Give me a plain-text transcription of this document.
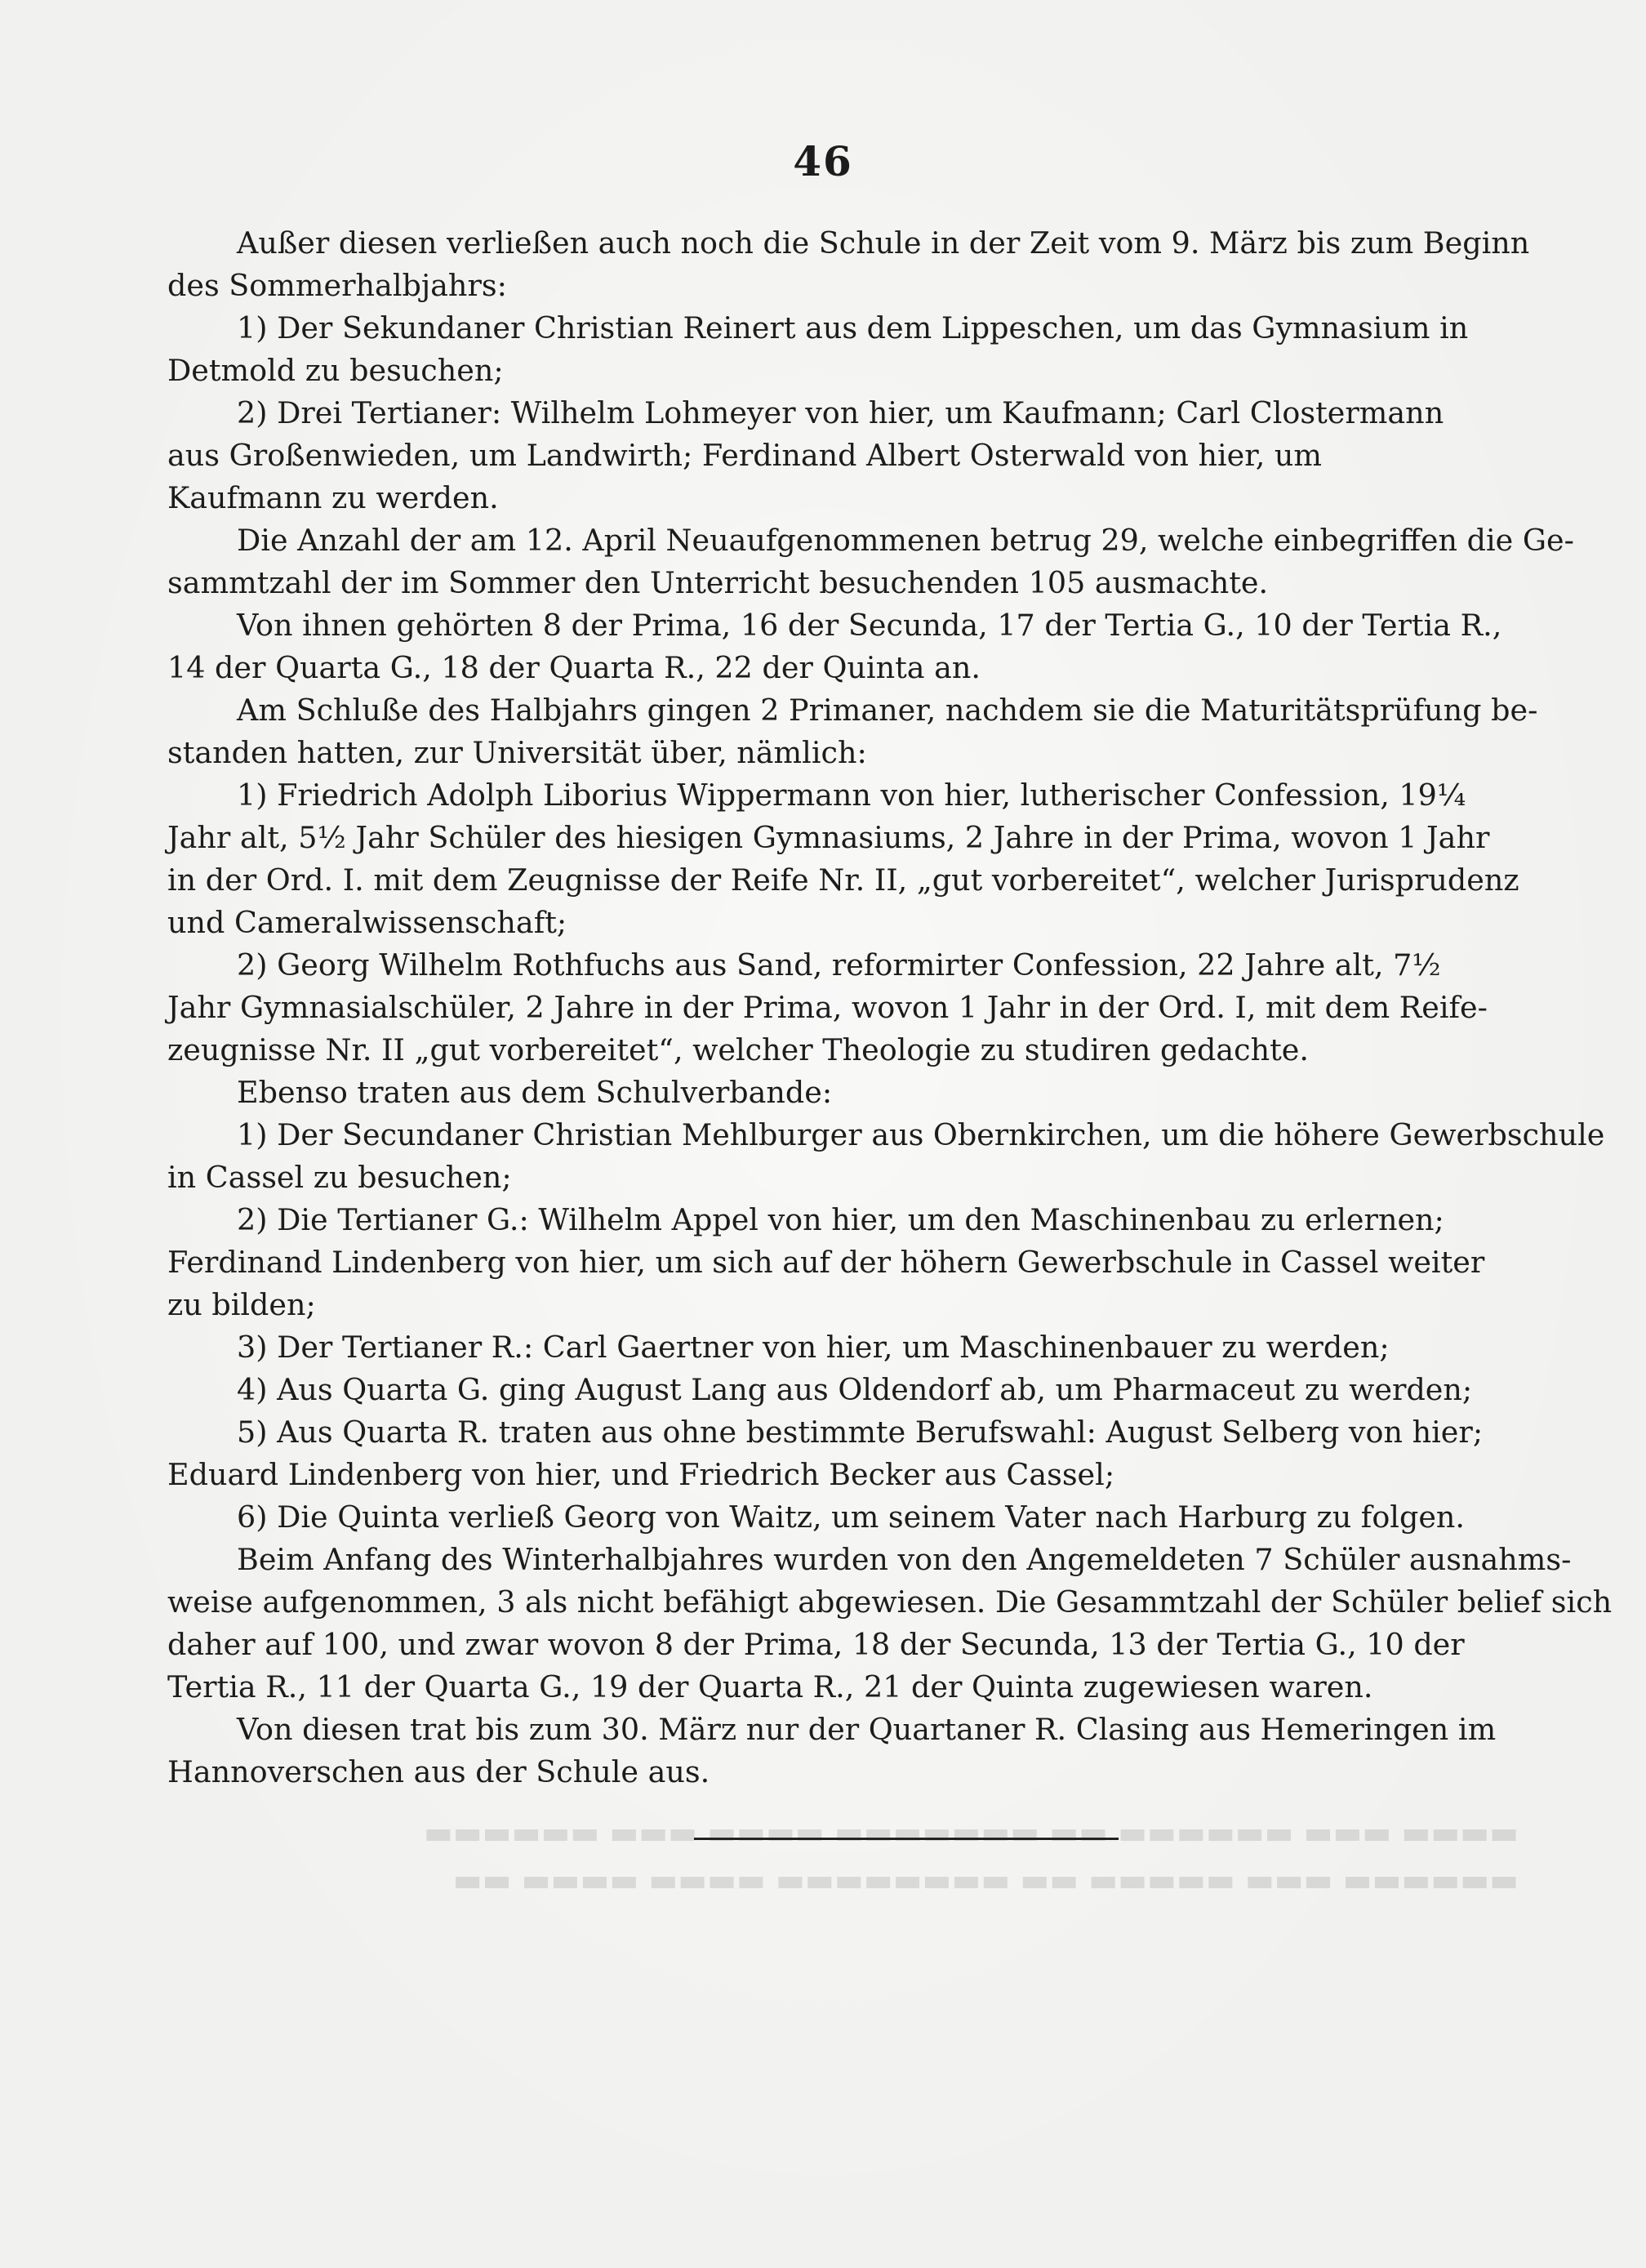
▬▬▬▬ ▬▬▬ ▬▬▬▬▬▬ ▬▬ ▬▬▬▬▬▬▬ ▬▬▬▬ ▬▬▬ ▬▬▬▬▬▬
▬▬▬▬▬▬ ▬▬▬ ▬▬▬▬▬ ▬▬ ▬▬▬▬▬▬▬▬ ▬▬▬▬ ▬▬▬▬ ▬▬
46
Außer diesen verließen auch noch die Schule in der Zeit vom 9. März bis zum Beginn
des Sommerhalbjahrs:
1) Der Sekundaner Christian Reinert aus dem Lippeschen, um das Gymnasium in
Detmold zu besuchen;
2) Drei Tertianer: Wilhelm Lohmeyer von hier, um Kaufmann; Carl Clostermann
aus Großenwieden, um Landwirth; Ferdinand Albert Osterwald von hier, um
Kaufmann zu werden.
Die Anzahl der am 12. April Neuaufgenommenen betrug 29, welche einbegriffen die Ge-
sammtzahl der im Sommer den Unterricht besuchenden 105 ausmachte.
Von ihnen gehörten 8 der Prima, 16 der Secunda, 17 der Tertia G., 10 der Tertia R.,
14 der Quarta G., 18 der Quarta R., 22 der Quinta an.
Am Schluße des Halbjahrs gingen 2 Primaner, nachdem sie die Maturitätsprüfung be-
standen hatten, zur Universität über, nämlich:
1) Friedrich Adolph Liborius Wippermann von hier, lutherischer Confession, 19¼
Jahr alt, 5½ Jahr Schüler des hiesigen Gymnasiums, 2 Jahre in der Prima, wovon 1 Jahr
in der Ord. I. mit dem Zeugnisse der Reife Nr. II, „gut vorbereitet“, welcher Jurisprudenz
und Cameralwissenschaft;
2) Georg Wilhelm Rothfuchs aus Sand, reformirter Confession, 22 Jahre alt, 7½
Jahr Gymnasialschüler, 2 Jahre in der Prima, wovon 1 Jahr in der Ord. I, mit dem Reife-
zeugnisse Nr. II „gut vorbereitet“, welcher Theologie zu studiren gedachte.
Ebenso traten aus dem Schulverbande:
1) Der Secundaner Christian Mehlburger aus Obernkirchen, um die höhere Gewerbschule
in Cassel zu besuchen;
2) Die Tertianer G.: Wilhelm Appel von hier, um den Maschinenbau zu erlernen;
Ferdinand Lindenberg von hier, um sich auf der höhern Gewerbschule in Cassel weiter
zu bilden;
3) Der Tertianer R.: Carl Gaertner von hier, um Maschinenbauer zu werden;
4) Aus Quarta G. ging August Lang aus Oldendorf ab, um Pharmaceut zu werden;
5) Aus Quarta R. traten aus ohne bestimmte Berufswahl: August Selberg von hier;
Eduard Lindenberg von hier, und Friedrich Becker aus Cassel;
6) Die Quinta verließ Georg von Waitz, um seinem Vater nach Harburg zu folgen.
Beim Anfang des Winterhalbjahres wurden von den Angemeldeten 7 Schüler ausnahms-
weise aufgenommen, 3 als nicht befähigt abgewiesen. Die Gesammtzahl der Schüler belief sich
daher auf 100, und zwar wovon 8 der Prima, 18 der Secunda, 13 der Tertia G., 10 der
Tertia R., 11 der Quarta G., 19 der Quarta R., 21 der Quinta zugewiesen waren.
Von diesen trat bis zum 30. März nur der Quartaner R. Clasing aus Hemeringen im
Hannoverschen aus der Schule aus.
